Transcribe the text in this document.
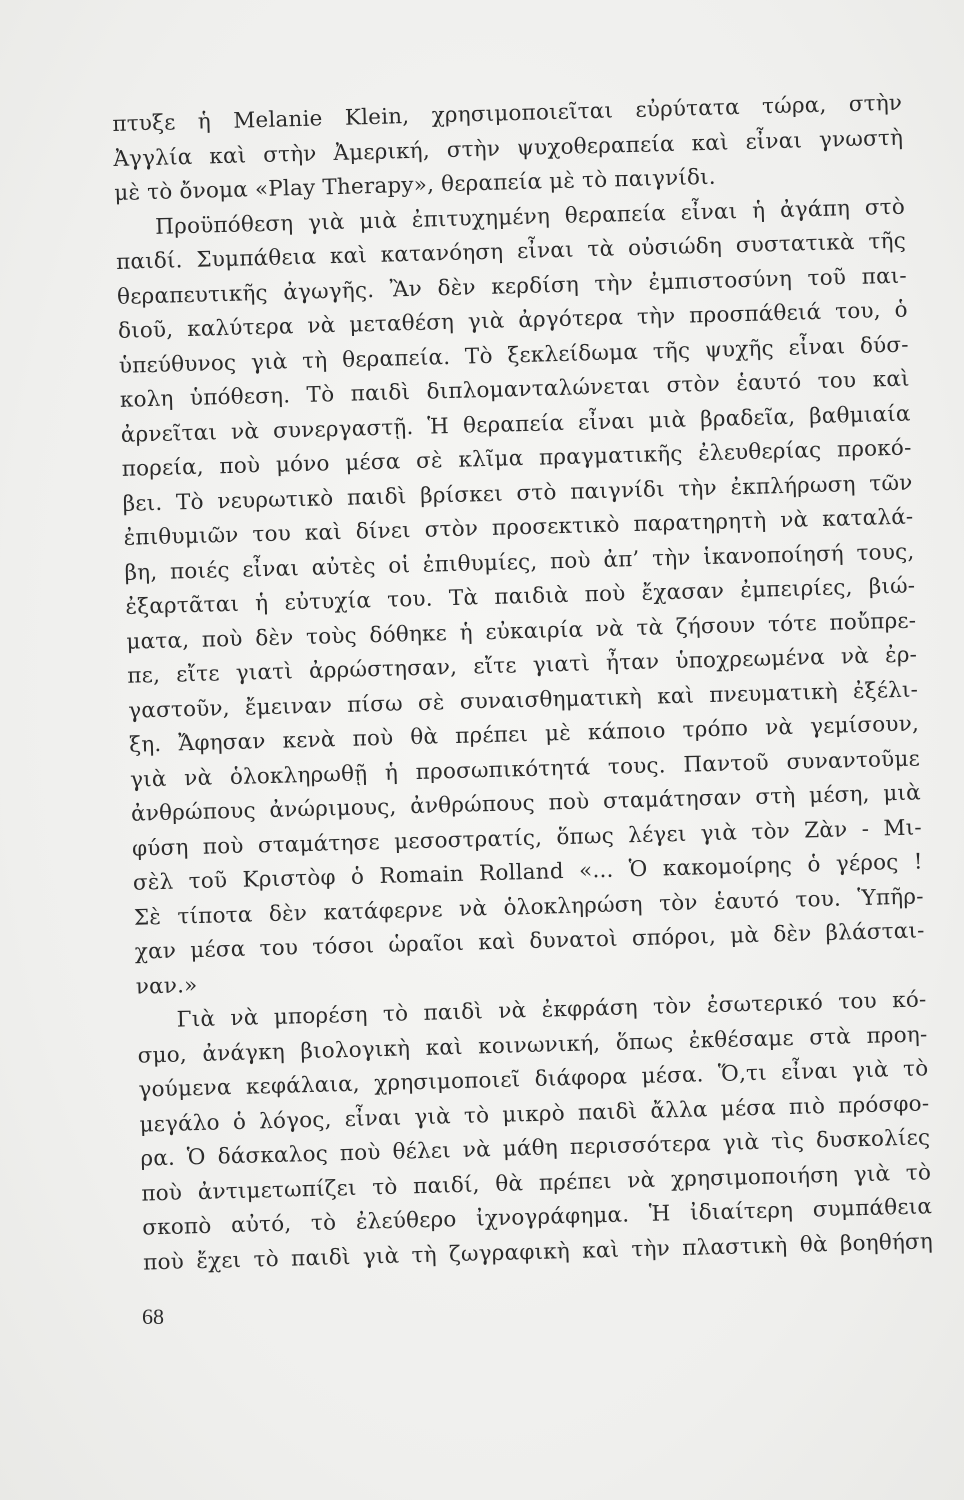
πτυξε ἡ Melanie Klein, χρησιμοποιεῖται εὐρύτατα τώρα, στὴν
Ἀγγλία καὶ στὴν Ἀμερική, στὴν ψυχοθεραπεία καὶ εἶναι γνωστὴ
μὲ τὸ ὄνομα «Play Therapy», θεραπεία μὲ τὸ παιγνίδι.
Προϋπόθεση γιὰ μιὰ ἐπιτυχημένη θεραπεία εἶναι ἡ ἀγάπη στὸ
παιδί. Συμπάθεια καὶ κατανόηση εἶναι τὰ οὐσιώδη συστατικὰ τῆς
θεραπευτικῆς ἀγωγῆς. Ἂν δὲν κερδίση τὴν ἐμπιστοσύνη τοῦ παι-
διοῦ, καλύτερα νὰ μεταθέση γιὰ ἀργότερα τὴν προσπάθειά του, ὁ
ὑπεύθυνος γιὰ τὴ θεραπεία. Τὸ ξεκλείδωμα τῆς ψυχῆς εἶναι δύσ-
κολη ὑπόθεση. Τὸ παιδὶ διπλομανταλώνεται στὸν ἑαυτό του καὶ
ἀρνεῖται νὰ συνεργαστῇ. Ἡ θεραπεία εἶναι μιὰ βραδεῖα, βαθμιαία
πορεία, ποὺ μόνο μέσα σὲ κλῖμα πραγματικῆς ἐλευθερίας προκό-
βει. Τὸ νευρωτικὸ παιδὶ βρίσκει στὸ παιγνίδι τὴν ἐκπλήρωση τῶν
ἐπιθυμιῶν του καὶ δίνει στὸν προσεκτικὸ παρατηρητὴ νὰ καταλά-
βη, ποιές εἶναι αὐτὲς οἱ ἐπιθυμίες, ποὺ ἀπ’ τὴν ἱκανοποίησή τους,
ἐξαρτᾶται ἡ εὐτυχία του. Τὰ παιδιὰ ποὺ ἔχασαν ἐμπειρίες, βιώ-
ματα, ποὺ δὲν τοὺς δόθηκε ἡ εὐκαιρία νὰ τὰ ζήσουν τότε ποὔπρε-
πε, εἴτε γιατὶ ἀρρώστησαν, εἴτε γιατὶ ἦταν ὑποχρεωμένα νὰ ἐρ-
γαστοῦν, ἔμειναν πίσω σὲ συναισθηματικὴ καὶ πνευματικὴ ἐξέλι-
ξη. Ἄφησαν κενὰ ποὺ θὰ πρέπει μὲ κάποιο τρόπο νὰ γεμίσουν,
γιὰ νὰ ὁλοκληρωθῇ ἡ προσωπικότητά τους. Παντοῦ συναντοῦμε
ἀνθρώπους ἀνώριμους, ἀνθρώπους ποὺ σταμάτησαν στὴ μέση, μιὰ
φύση ποὺ σταμάτησε μεσοστρατίς, ὅπως λέγει γιὰ τὸν Ζὰν - Μι-
σὲλ τοῦ Κριστὸφ ὁ Romain Rolland «... Ὁ κακομοίρης ὁ γέρος !
Σὲ τίποτα δὲν κατάφερνε νὰ ὁλοκληρώση τὸν ἑαυτό του. Ὑπῆρ-
χαν μέσα του τόσοι ὡραῖοι καὶ δυνατοὶ σπόροι, μὰ δὲν βλάσται-
ναν.»
Γιὰ νὰ μπορέση τὸ παιδὶ νὰ ἐκφράση τὸν ἐσωτερικό του κό-
σμο, ἀνάγκη βιολογικὴ καὶ κοινωνική, ὅπως ἐκθέσαμε στὰ προη-
γούμενα κεφάλαια, χρησιμοποιεῖ διάφορα μέσα. Ὅ,τι εἶναι γιὰ τὸ
μεγάλο ὁ λόγος, εἶναι γιὰ τὸ μικρὸ παιδὶ ἄλλα μέσα πιὸ πρόσφο-
ρα. Ὁ δάσκαλος ποὺ θέλει νὰ μάθη περισσότερα γιὰ τὶς δυσκολίες
ποὺ ἀντιμετωπίζει τὸ παιδί, θὰ πρέπει νὰ χρησιμοποιήση γιὰ τὸ
σκοπὸ αὐτό, τὸ ἐλεύθερο ἰχνογράφημα. Ἡ ἰδιαίτερη συμπάθεια
ποὺ ἔχει τὸ παιδὶ γιὰ τὴ ζωγραφικὴ καὶ τὴν πλαστικὴ θὰ βοηθήση
68
